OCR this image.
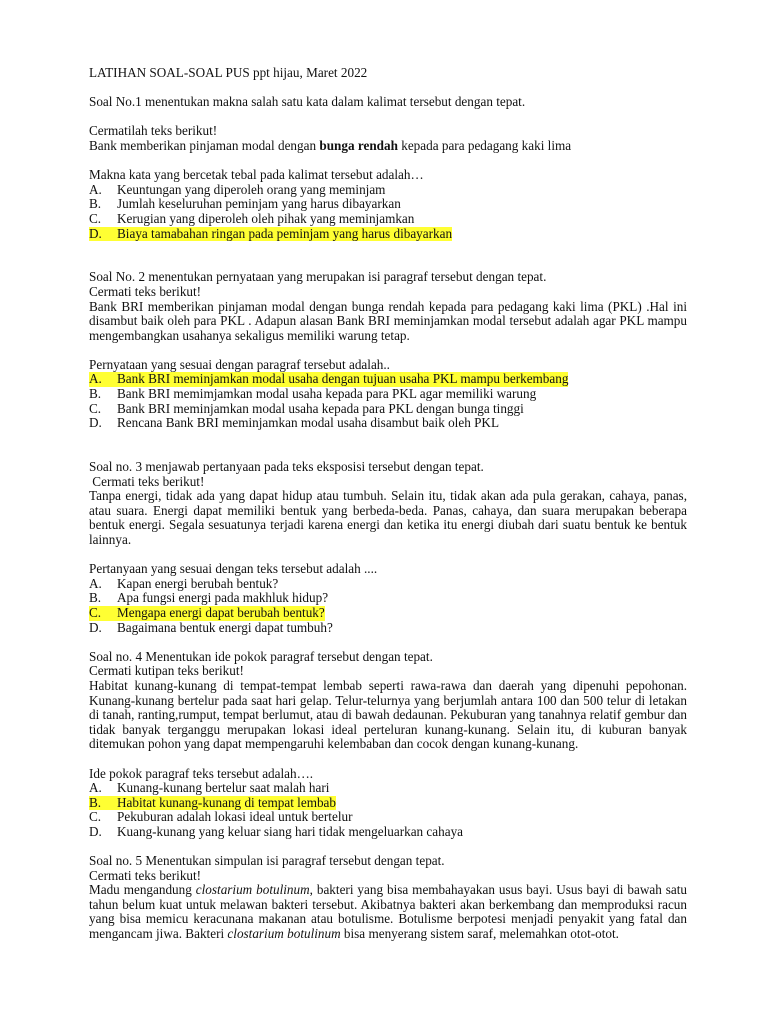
LATIHAN SOAL-SOAL PUS ppt hijau, Maret 2022

Soal No.1 menentukan makna salah satu kata dalam kalimat tersebut dengan tepat.

Cermatilah teks berikut!

Bank memberikan pinjaman modal dengan bunga rendah kepada para pedagang kaki lima

Makna kata yang bercetak tebal pada kalimat tersebut adalah…

A.	Keuntungan yang diperoleh orang yang meminjam
B.	Jumlah keseluruhan peminjam yang harus dibayarkan
C.	Kerugian yang diperoleh oleh pihak yang meminjamkan
D. Biaya tamabahan ringan pada peminjam yang harus dibayarkan

Soal No. 2 menentukan pernyataan yang merupakan isi paragraf tersebut dengan tepat.

Cermati teks berikut!

Bank BRI memberikan pinjaman modal dengan bunga rendah kepada para pedagang kaki lima (PKL) .Hal ini disambut baik oleh para PKL . Adapun alasan Bank BRI meminjamkan modal tersebut adalah agar PKL mampu mengembangkan usahanya sekaligus memiliki warung tetap.

Pernyataan yang sesuai dengan paragraf tersebut adalah..

A. Bank BRI meminjamkan modal usaha dengan tujuan usaha PKL mampu berkembang
B.	Bank BRI memimjamkan modal usaha kepada para PKL agar memiliki warung
C.	Bank BRI meminjamkan modal usaha kepada para PKL dengan bunga tinggi
D.	Rencana Bank BRI meminjamkan modal usaha disambut baik oleh PKL

Soal no. 3 menjawab pertanyaan pada teks eksposisi tersebut dengan tepat.

Cermati teks berikut!

Tanpa energi, tidak ada yang dapat hidup atau tumbuh. Selain itu, tidak akan ada pula gerakan, cahaya, panas, atau suara. Energi dapat memiliki bentuk yang berbeda-beda. Panas, cahaya, dan suara merupakan beberapa bentuk energi. Segala sesuatunya terjadi karena energi dan ketika itu energi diubah dari suatu bentuk ke bentuk lainnya.

Pertanyaan yang sesuai dengan teks tersebut adalah ....

A.	Kapan energi berubah bentuk?
B.	Apa fungsi energi pada makhluk hidup?
C. Mengapa energi dapat berubah bentuk?
D.	Bagaimana bentuk energi dapat tumbuh?

Soal no. 4 Menentukan ide pokok paragraf tersebut dengan tepat.

Cermati kutipan teks berikut!

Habitat kunang-kunang di tempat-tempat lembab seperti rawa-rawa dan daerah yang dipenuhi pepohonan. Kunang-kunang bertelur pada saat hari gelap. Telur-telurnya yang berjumlah antara 100 dan 500 telur di letakan di tanah, ranting,rumput, tempat berlumut, atau di bawah dedaunan. Pekuburan yang tanahnya relatif gembur dan tidak banyak terganggu merupakan lokasi ideal perteluran kunang-kunang. Selain itu, di kuburan banyak ditemukan pohon yang dapat mempengaruhi kelembaban dan cocok dengan kunang-kunang.

Ide pokok paragraf teks tersebut adalah….

A.	Kunang-kunang bertelur saat malah hari
B. Habitat kunang-kunang di tempat lembab
C.	Pekuburan adalah lokasi ideal untuk bertelur
D.	Kuang-kunang yang keluar siang hari tidak mengeluarkan cahaya

Soal no. 5 Menentukan simpulan isi paragraf tersebut dengan tepat.

Cermati teks berikut!

Madu mengandung clostarium botulinum, bakteri yang bisa membahayakan usus bayi. Usus bayi di bawah satu tahun belum kuat untuk melawan bakteri tersebut. Akibatnya bakteri akan berkembang dan memproduksi racun yang bisa memicu keracunana makanan atau botulisme. Botulisme berpotesi menjadi penyakit yang fatal dan mengancam jiwa. Bakteri clostarium botulinum bisa menyerang sistem saraf, melemahkan otot-otot.
